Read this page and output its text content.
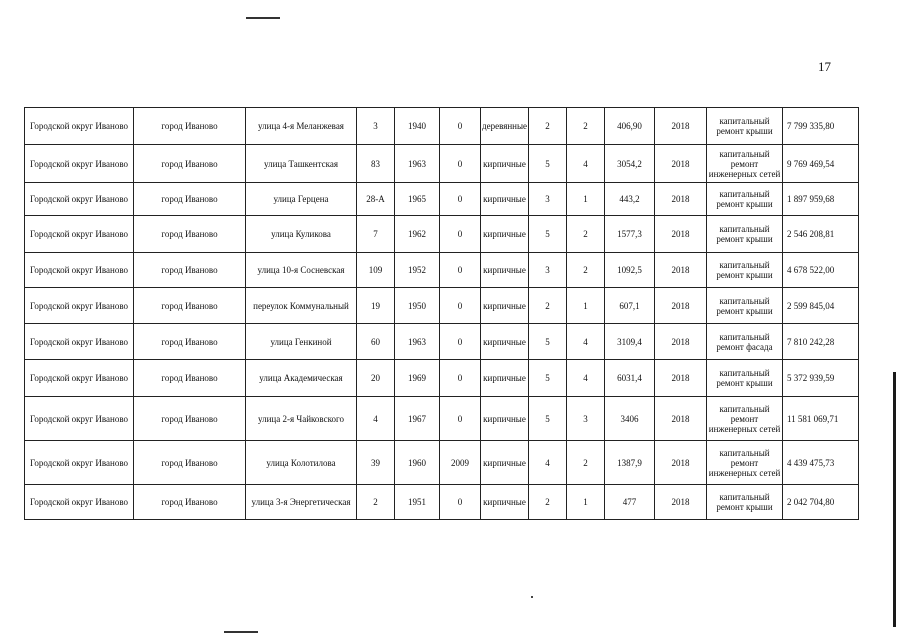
17
Городской округ Иваново	город Иваново	улица 4-я Меланжевая	3	1940	0	деревянные	2	2	406,90	2018	капитальный ремонт крыши	7 799 335,80
Городской округ Иваново	город Иваново	улица Ташкентская	83	1963	0	кирпичные	5	4	3054,2	2018	капитальный ремонт инженерных сетей	9 769 469,54
Городской округ Иваново	город Иваново	улица Герцена	28-А	1965	0	кирпичные	3	1	443,2	2018	капитальный ремонт крыши	1 897 959,68
Городской округ Иваново	город Иваново	улица Куликова	7	1962	0	кирпичные	5	2	1577,3	2018	капитальный ремонт крыши	2 546 208,81
Городской округ Иваново	город Иваново	улица 10-я Сосневская	109	1952	0	кирпичные	3	2	1092,5	2018	капитальный ремонт крыши	4 678 522,00
Городской округ Иваново	город Иваново	переулок Коммунальный	19	1950	0	кирпичные	2	1	607,1	2018	капитальный ремонт крыши	2 599 845,04
Городской округ Иваново	город Иваново	улица Генкиной	60	1963	0	кирпичные	5	4	3109,4	2018	капитальный ремонт фасада	7 810 242,28
Городской округ Иваново	город Иваново	улица Академическая	20	1969	0	кирпичные	5	4	6031,4	2018	капитальный ремонт крыши	5 372 939,59
Городской округ Иваново	город Иваново	улица 2-я Чайковского	4	1967	0	кирпичные	5	3	3406	2018	капитальный ремонт инженерных сетей	11 581 069,71
Городской округ Иваново	город Иваново	улица Колотилова	39	1960	2009	кирпичные	4	2	1387,9	2018	капитальный ремонт инженерных сетей	4 439 475,73
Городской округ Иваново	город Иваново	улица 3-я Энергетическая	2	1951	0	кирпичные	2	1	477	2018	капитальный ремонт крыши	2 042 704,80
